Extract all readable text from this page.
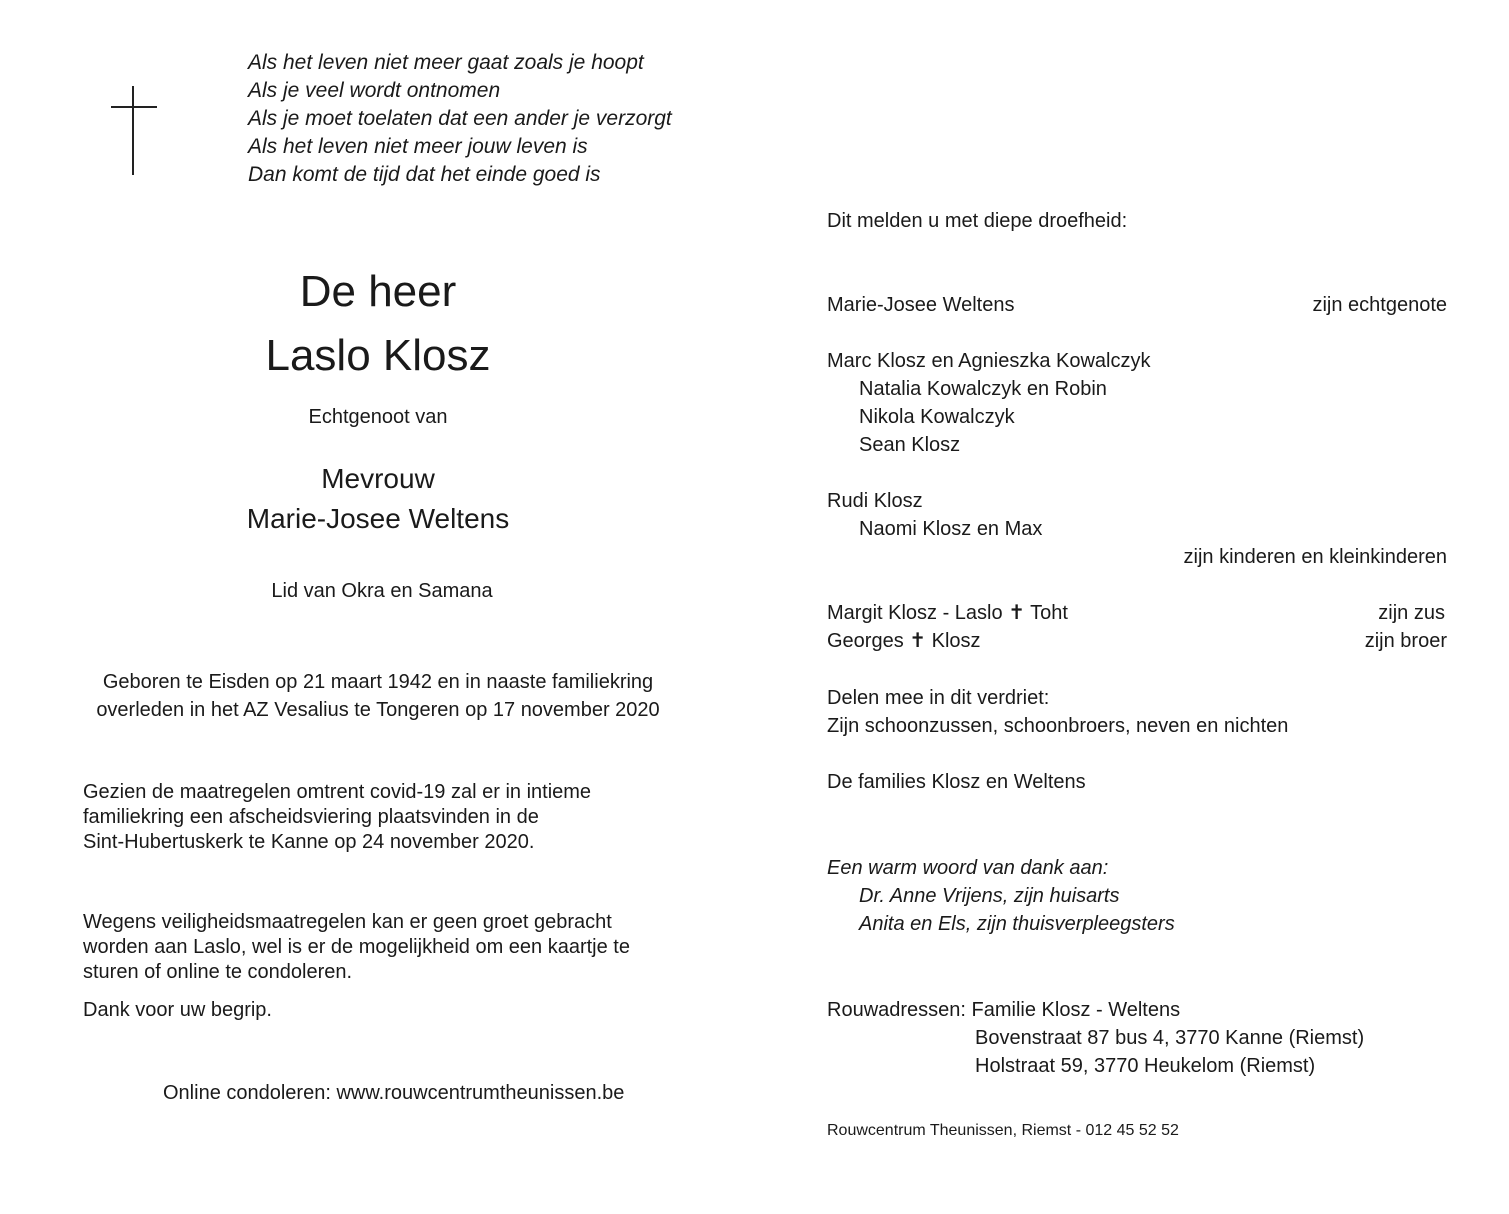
Als het leven niet meer gaat zoals je hoopt
Als je veel wordt ontnomen
Als je moet toelaten dat een ander je verzorgt
Als het leven niet meer jouw leven is
Dan komt de tijd dat het einde goed is
De heer
Laslo Klosz
Echtgenoot van
Mevrouw
Marie-Josee Weltens
Lid van Okra en Samana
Geboren te Eisden op 21 maart 1942 en in naaste familiekring
overleden in het AZ Vesalius te Tongeren op 17 november 2020
Gezien de maatregelen omtrent covid-19 zal er in intieme
familiekring een afscheidsviering plaatsvinden in de
Sint-Hubertuskerk te Kanne op 24 november 2020.
Wegens veiligheidsmaatregelen kan er geen groet gebracht
worden aan Laslo, wel is er de mogelijkheid om een kaartje te
sturen of online te condoleren.
Dank voor uw begrip.
Online condoleren: www.rouwcentrumtheunissen.be
Dit melden u met diepe droefheid:
Marie-Josee Weltens	zijn echtgenote
Marc Klosz en Agnieszka Kowalczyk
Natalia Kowalczyk en Robin
Nikola Kowalczyk
Sean Klosz
Rudi Klosz
Naomi Klosz en Max
zijn kinderen en kleinkinderen
Margit Klosz - Laslo ✝ Toht	zijn zus
Georges ✝ Klosz	zijn broer
Delen mee in dit verdriet:
Zijn schoonzussen, schoonbroers, neven en nichten
De families Klosz en Weltens
Een warm woord van dank aan:
Dr. Anne Vrijens, zijn huisarts
Anita en Els, zijn thuisverpleegsters
Rouwadressen: Familie Klosz - Weltens
Bovenstraat 87 bus 4, 3770 Kanne (Riemst)
Holstraat 59, 3770 Heukelom (Riemst)
Rouwcentrum Theunissen, Riemst - 012 45 52 52
